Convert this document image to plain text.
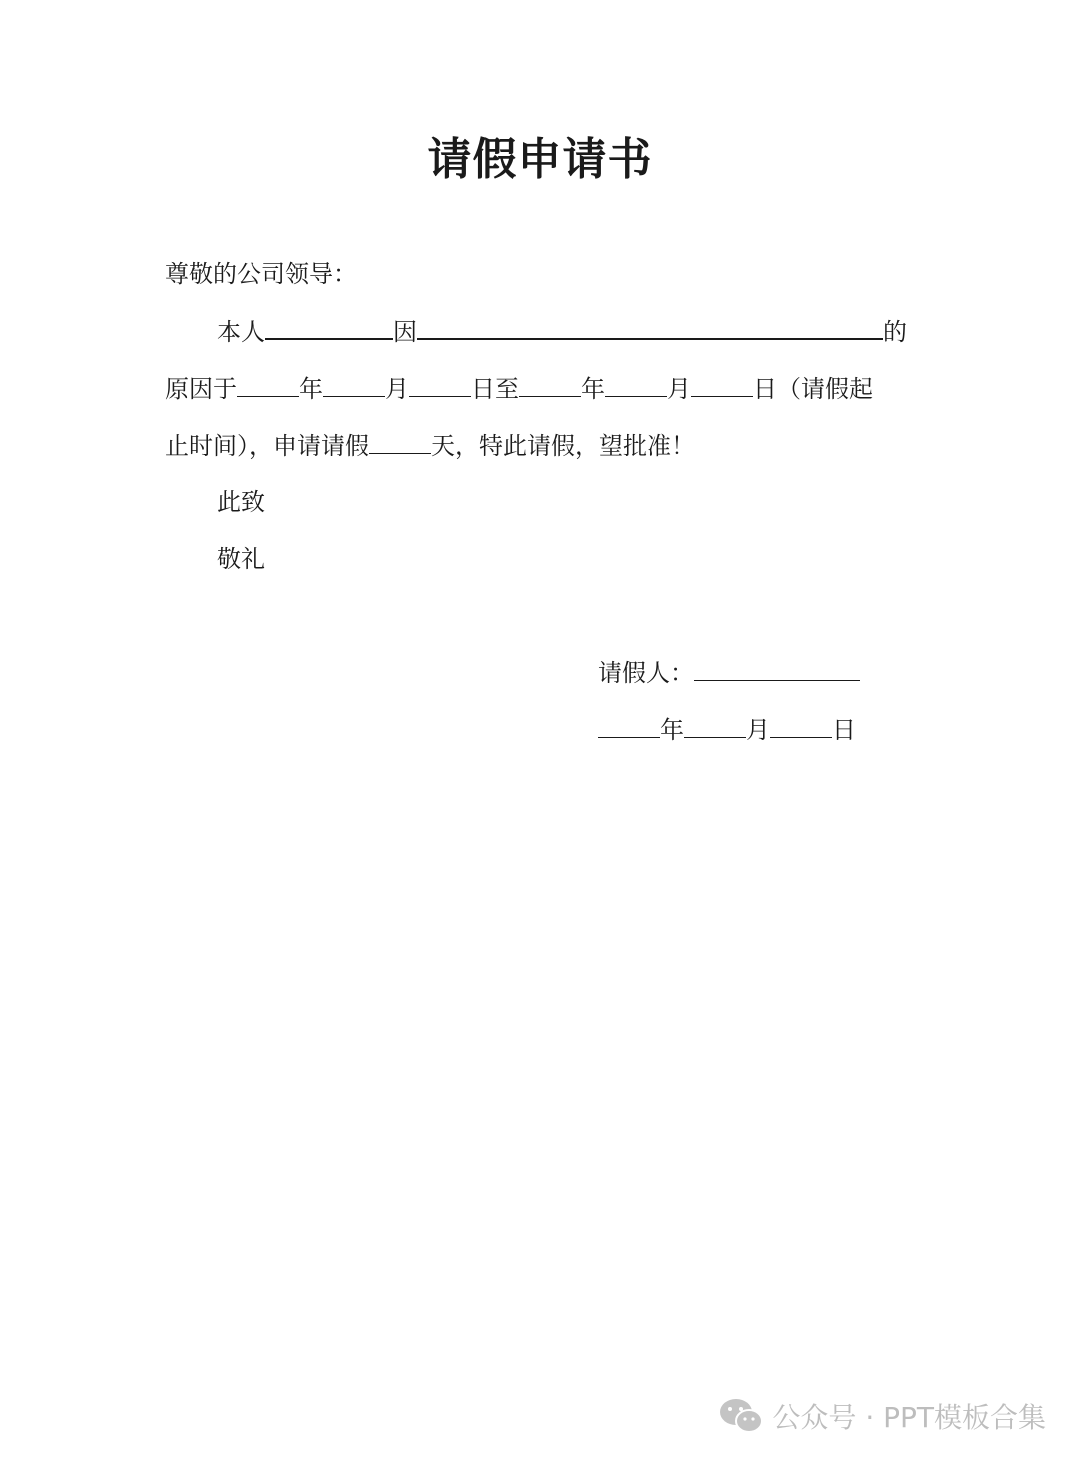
请假申请书
尊敬的公司领导：
本人	因	的
原因于	年	月	日至	年	月	日（请假起
止时间），申请请假	天，特此请假，望批准！
此致
敬礼
请假人：
年	月	日
公众号 · PPT模板合集
